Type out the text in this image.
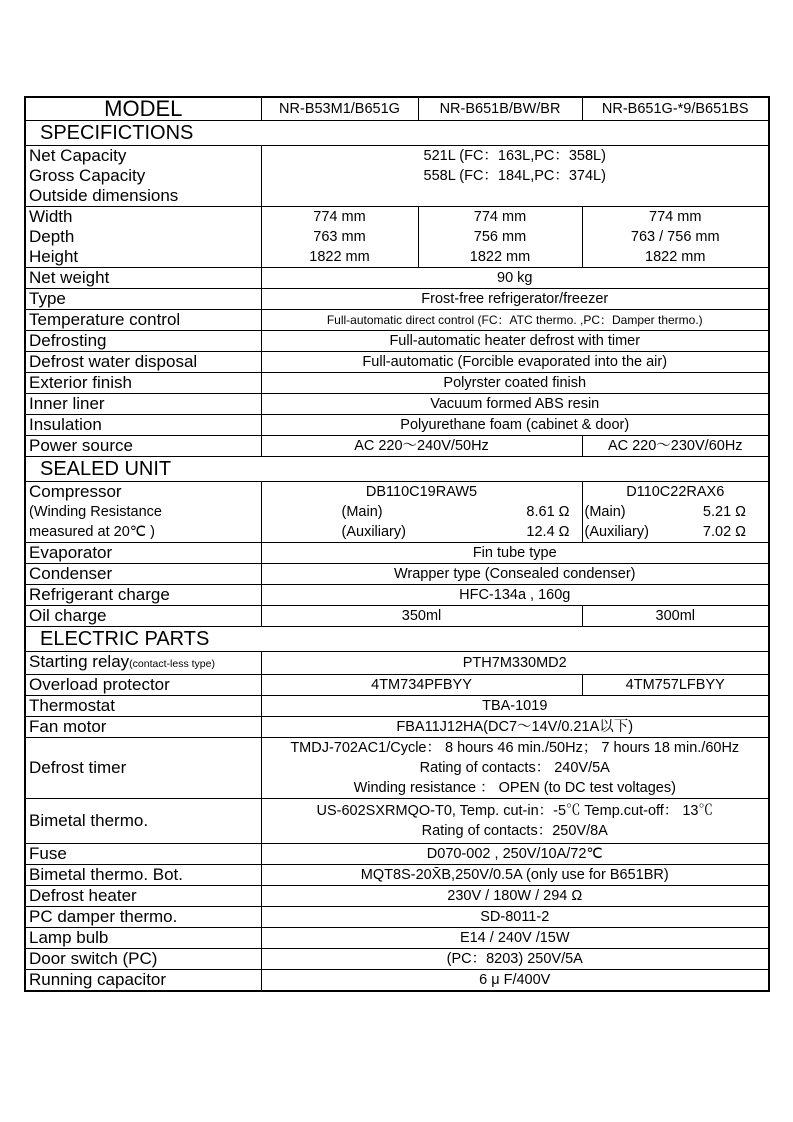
MODEL	NR-B53M1/B651G	NR-B651B/BW/BR	NR-B651G-*9/B651BS
SPECIFICTIONS			
Net Capacity	521L (FC：163L,PC：358L)		
Gross Capacity	558L (FC：184L,PC：374L)		
Outside dimensions			
Width	774 mm	774 mm	774 mm
Depth	763 mm	756 mm	763 / 756 mm
Height	1822 mm	1822 mm	1822 mm
Net weight	90 kg		
Type	Frost-free refrigerator/freezer		
Temperature control	Full-automatic direct control (FC：ATC thermo. ,PC：Damper thermo.)		
Defrosting	Full-automatic heater defrost with timer		
Defrost water disposal	Full-automatic (Forcible evaporated into the air)		
Exterior finish	Polyrster coated finish		
Inner liner	Vacuum formed ABS resin		
Insulation	Polyurethane foam (cabinet & door)		
Power source	AC 220～240V/50Hz		AC 220～230V/60Hz
SEALED UNIT			
Compressor	DB110C19RAW5		D110C22RAX6
(Winding Resistance	(Main) 8.61 Ω		(Main) 5.21 Ω

measured at 20℃ )	(Auxiliary) 12.4 Ω		(Auxiliary) 7.02 Ω

Evaporator	Fin tube type		
Condenser	Wrapper type (Consealed condenser)		
Refrigerant charge	HFC-134a , 160g		
Oil charge	350ml		300ml
ELECTRIC PARTS			
Starting relay(contact-less type)	PTH7M330MD2		
Overload protector	4TM734PFBYY		4TM757LFBYY
Thermostat	TBA-1019		
Fan motor	FBA11J12HA(DC7～14V/0.21A以下)		
Defrost timer	TMDJ-702AC1/Cycle： 8 hours 46 min./50Hz； 7 hours 18 min./60Hz
Rating of contacts： 240V/5A
Winding resistance ： OPEN (to DC test voltages)		

Bimetal thermo.	US-602SXRMQO-T0, Temp. cut-in：-5℃ Temp.cut-off： 13℃
Rating of contacts：250V/8A		

Fuse	D070-002 , 250V/10A/72℃		
Bimetal thermo. Bot.	MQT8S-20X̄B,250V/0.5A (only use for B651BR)		
Defrost heater	230V / 180W / 294 Ω		
PC damper thermo.	SD-8011-2		
Lamp bulb	E14 / 240V /15W		
Door switch (PC)	(PC：8203) 250V/5A		
Running capacitor	6 μ F/400V		
